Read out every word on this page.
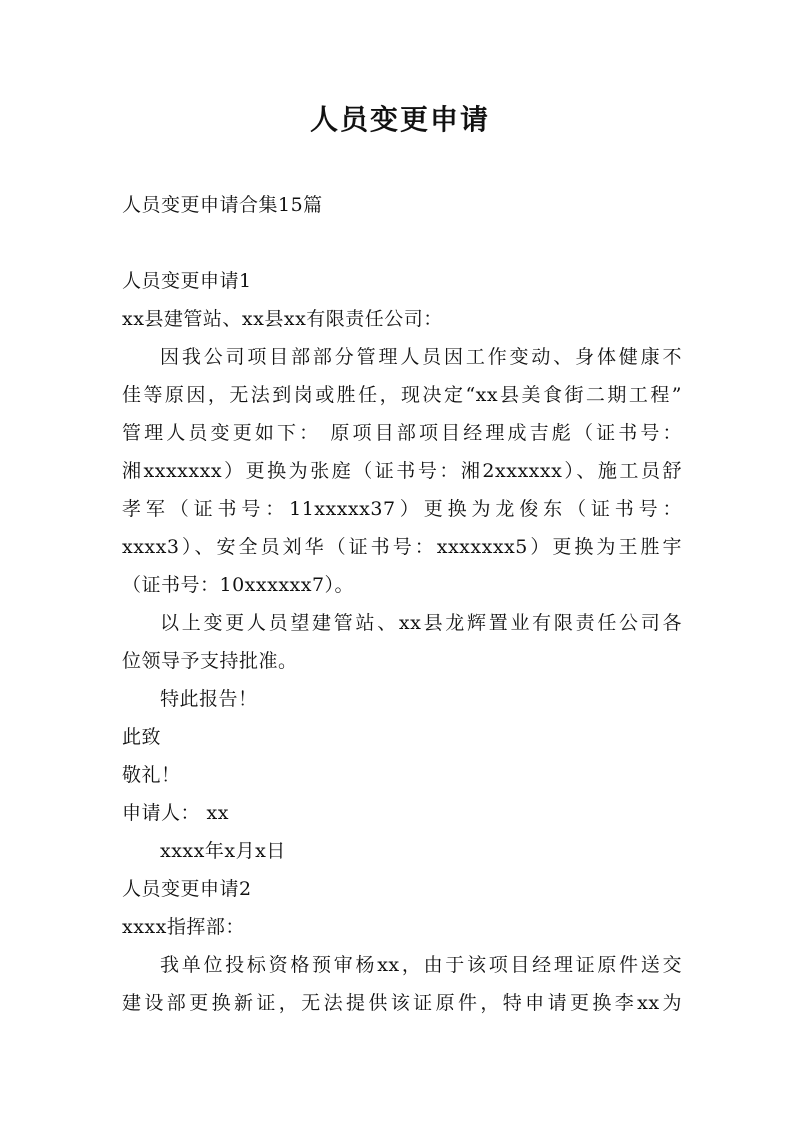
人员变更申请

人员变更申请合集15篇

人员变更申请1

xx县建管站、xx县xx有限责任公司：

因我公司项目部部分管理人员因工作变动、身体健康不

佳等原因，无法到岗或胜任，现决定“xx县美食街二期工程”

管理人员变更如下： 原项目部项目经理成吉彪（证书号：

湘xxxxxxx）更换为张庭（证书号：湘2xxxxxx）、施工员舒

孝军（证书号：11xxxxx37）更换为龙俊东（证书号：

xxxx3）、安全员刘华（证书号：xxxxxxx5）更换为王胜宇

（证书号：10xxxxxx7）。

以上变更人员望建管站、xx县龙辉置业有限责任公司各

位领导予支持批准。

特此报告！

此致

敬礼！

申请人： xx

xxxx年x月x日

人员变更申请2

xxxx指挥部：

我单位投标资格预审杨xx，由于该项目经理证原件送交

建设部更换新证，无法提供该证原件，特申请更换李xx为
